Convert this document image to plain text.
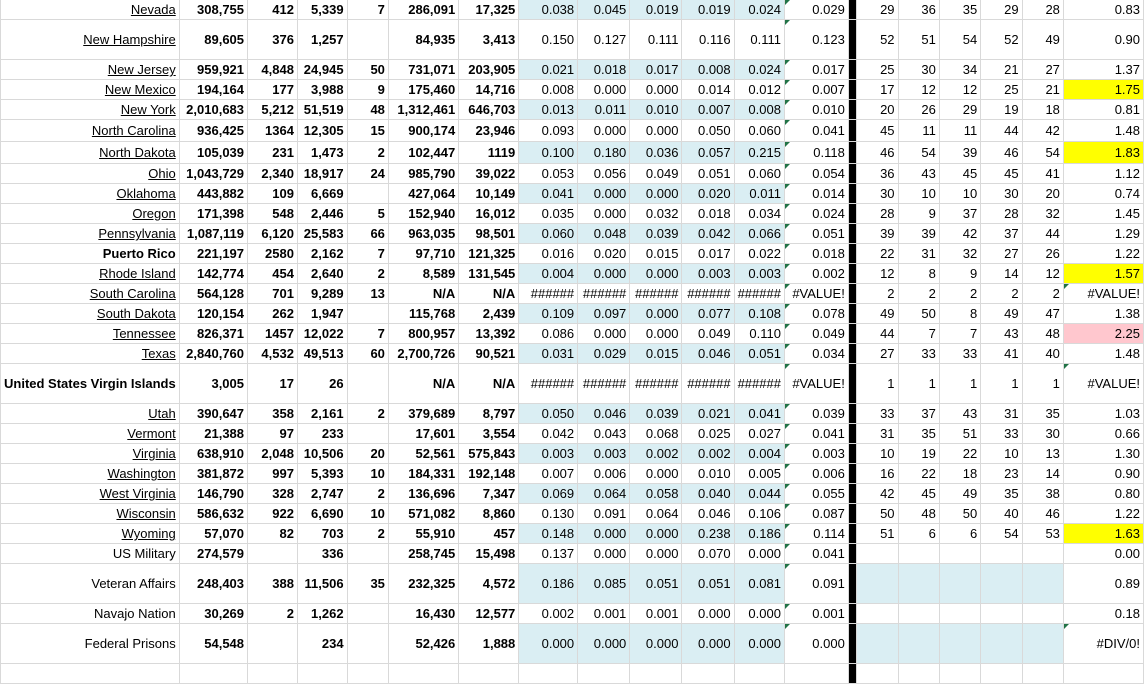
Nevada	308,755	412	5,339	7	286,091	17,325	0.038	0.045	0.019	0.019	0.024	0.029		29	36	35	29	28	0.83
New Hampshire	89,605	376	1,257		84,935	3,413	0.150	0.127	0.111	0.116	0.111	0.123		52	51	54	52	49	0.90
New Jersey	959,921	4,848	24,945	50	731,071	203,905	0.021	0.018	0.017	0.008	0.024	0.017		25	30	34	21	27	1.37
New Mexico	194,164	177	3,988	9	175,460	14,716	0.008	0.000	0.000	0.014	0.012	0.007		17	12	12	25	21	1.75
New York	2,010,683	5,212	51,519	48	1,312,461	646,703	0.013	0.011	0.010	0.007	0.008	0.010		20	26	29	19	18	0.81
North Carolina	936,425	1364	12,305	15	900,174	23,946	0.093	0.000	0.000	0.050	0.060	0.041		45	11	11	44	42	1.48
North Dakota	105,039	231	1,473	2	102,447	1119	0.100	0.180	0.036	0.057	0.215	0.118		46	54	39	46	54	1.83
Ohio	1,043,729	2,340	18,917	24	985,790	39,022	0.053	0.056	0.049	0.051	0.060	0.054		36	43	45	45	41	1.12
Oklahoma	443,882	109	6,669		427,064	10,149	0.041	0.000	0.000	0.020	0.011	0.014		30	10	10	30	20	0.74
Oregon	171,398	548	2,446	5	152,940	16,012	0.035	0.000	0.032	0.018	0.034	0.024		28	9	37	28	32	1.45
Pennsylvania	1,087,119	6,120	25,583	66	963,035	98,501	0.060	0.048	0.039	0.042	0.066	0.051		39	39	42	37	44	1.29
Puerto Rico	221,197	2580	2,162	7	97,710	121,325	0.016	0.020	0.015	0.017	0.022	0.018		22	31	32	27	26	1.22
Rhode Island	142,774	454	2,640	2	8,589	131,545	0.004	0.000	0.000	0.003	0.003	0.002		12	8	9	14	12	1.57
South Carolina	564,128	701	9,289	13	N/A	N/A	######	######	######	######	######	#VALUE!		2	2	2	2	2	#VALUE!
South Dakota	120,154	262	1,947		115,768	2,439	0.109	0.097	0.000	0.077	0.108	0.078		49	50	8	49	47	1.38
Tennessee	826,371	1457	12,022	7	800,957	13,392	0.086	0.000	0.000	0.049	0.110	0.049		44	7	7	43	48	2.25
Texas	2,840,760	4,532	49,513	60	2,700,726	90,521	0.031	0.029	0.015	0.046	0.051	0.034		27	33	33	41	40	1.48
United States Virgin Islands	3,005	17	26		N/A	N/A	######	######	######	######	######	#VALUE!		1	1	1	1	1	#VALUE!
Utah	390,647	358	2,161	2	379,689	8,797	0.050	0.046	0.039	0.021	0.041	0.039		33	37	43	31	35	1.03
Vermont	21,388	97	233		17,601	3,554	0.042	0.043	0.068	0.025	0.027	0.041		31	35	51	33	30	0.66
Virginia	638,910	2,048	10,506	20	52,561	575,843	0.003	0.003	0.002	0.002	0.004	0.003		10	19	22	10	13	1.30
Washington	381,872	997	5,393	10	184,331	192,148	0.007	0.006	0.000	0.010	0.005	0.006		16	22	18	23	14	0.90
West Virginia	146,790	328	2,747	2	136,696	7,347	0.069	0.064	0.058	0.040	0.044	0.055		42	45	49	35	38	0.80
Wisconsin	586,632	922	6,690	10	571,082	8,860	0.130	0.091	0.064	0.046	0.106	0.087		50	48	50	40	46	1.22
Wyoming	57,070	82	703	2	55,910	457	0.148	0.000	0.000	0.238	0.186	0.114		51	6	6	54	53	1.63
US Military	274,579		336		258,745	15,498	0.137	0.000	0.000	0.070	0.000	0.041							0.00
Veteran Affairs	248,403	388	11,506	35	232,325	4,572	0.186	0.085	0.051	0.051	0.081	0.091							0.89
Navajo Nation	30,269	2	1,262		16,430	12,577	0.002	0.001	0.001	0.000	0.000	0.001							0.18
Federal Prisons	54,548		234		52,426	1,888	0.000	0.000	0.000	0.000	0.000	0.000							#DIV/0!
